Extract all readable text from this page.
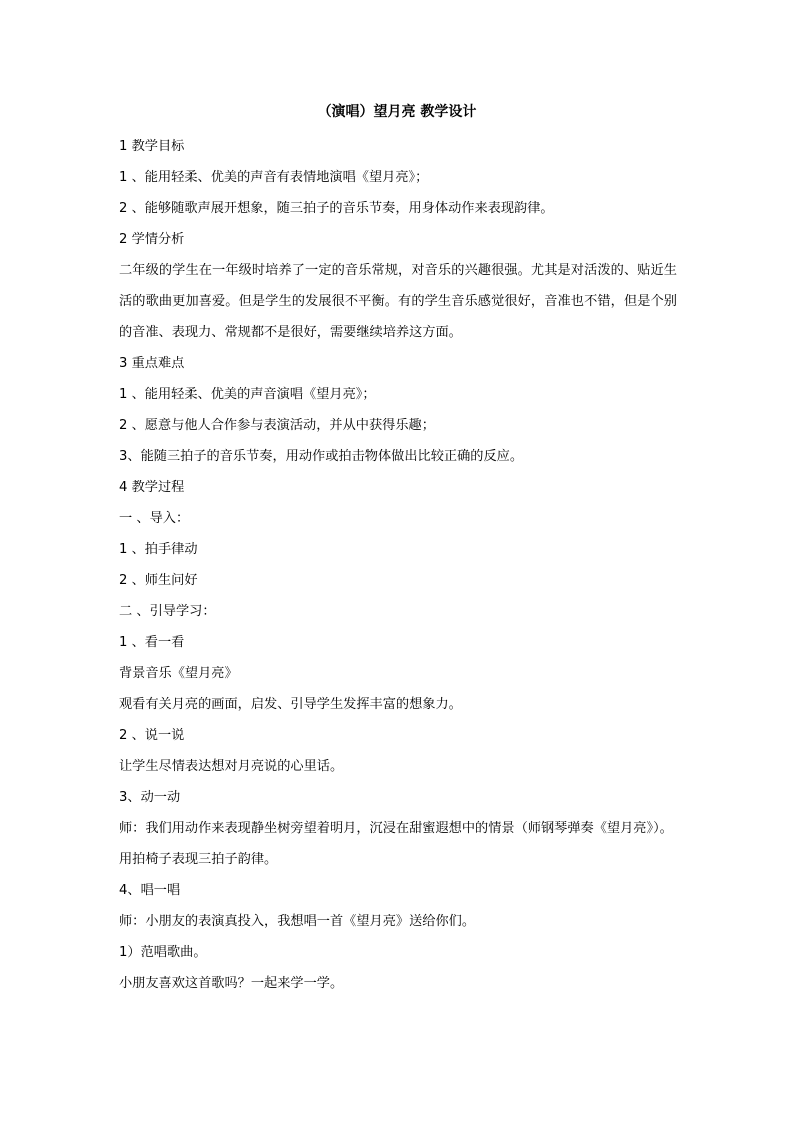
（演唱）望月亮 教学设计
1 教学目标
1 、能用轻柔、优美的声音有表情地演唱《望月亮》；
2 、能够随歌声展开想象，随三拍子的音乐节奏，用身体动作来表现韵律。
2 学情分析
二年级的学生在一年级时培养了一定的音乐常规，对音乐的兴趣很强。尤其是对活泼的、贴近生活的歌曲更加喜爱。但是学生的发展很不平衡。有的学生音乐感觉很好，音准也不错，但是个别的音准、表现力、常规都不是很好，需要继续培养这方面。
3 重点难点
1 、能用轻柔、优美的声音演唱《望月亮》；
2 、愿意与他人合作参与表演活动，并从中获得乐趣；
3、能随三拍子的音乐节奏，用动作或拍击物体做出比较正确的反应。
4 教学过程
一 、导入：
1 、拍手律动
2 、师生问好
二 、引导学习：
1 、看一看
背景音乐《望月亮》
观看有关月亮的画面，启发、引导学生发挥丰富的想象力。
2 、说一说
让学生尽情表达想对月亮说的心里话。
3、动一动
师：我们用动作来表现静坐树旁望着明月，沉浸在甜蜜遐想中的情景（师钢琴弹奏《望月亮》）。
用拍椅子表现三拍子韵律。
4、唱一唱
师：小朋友的表演真投入，我想唱一首《望月亮》送给你们。
1）范唱歌曲。
小朋友喜欢这首歌吗？一起来学一学。
